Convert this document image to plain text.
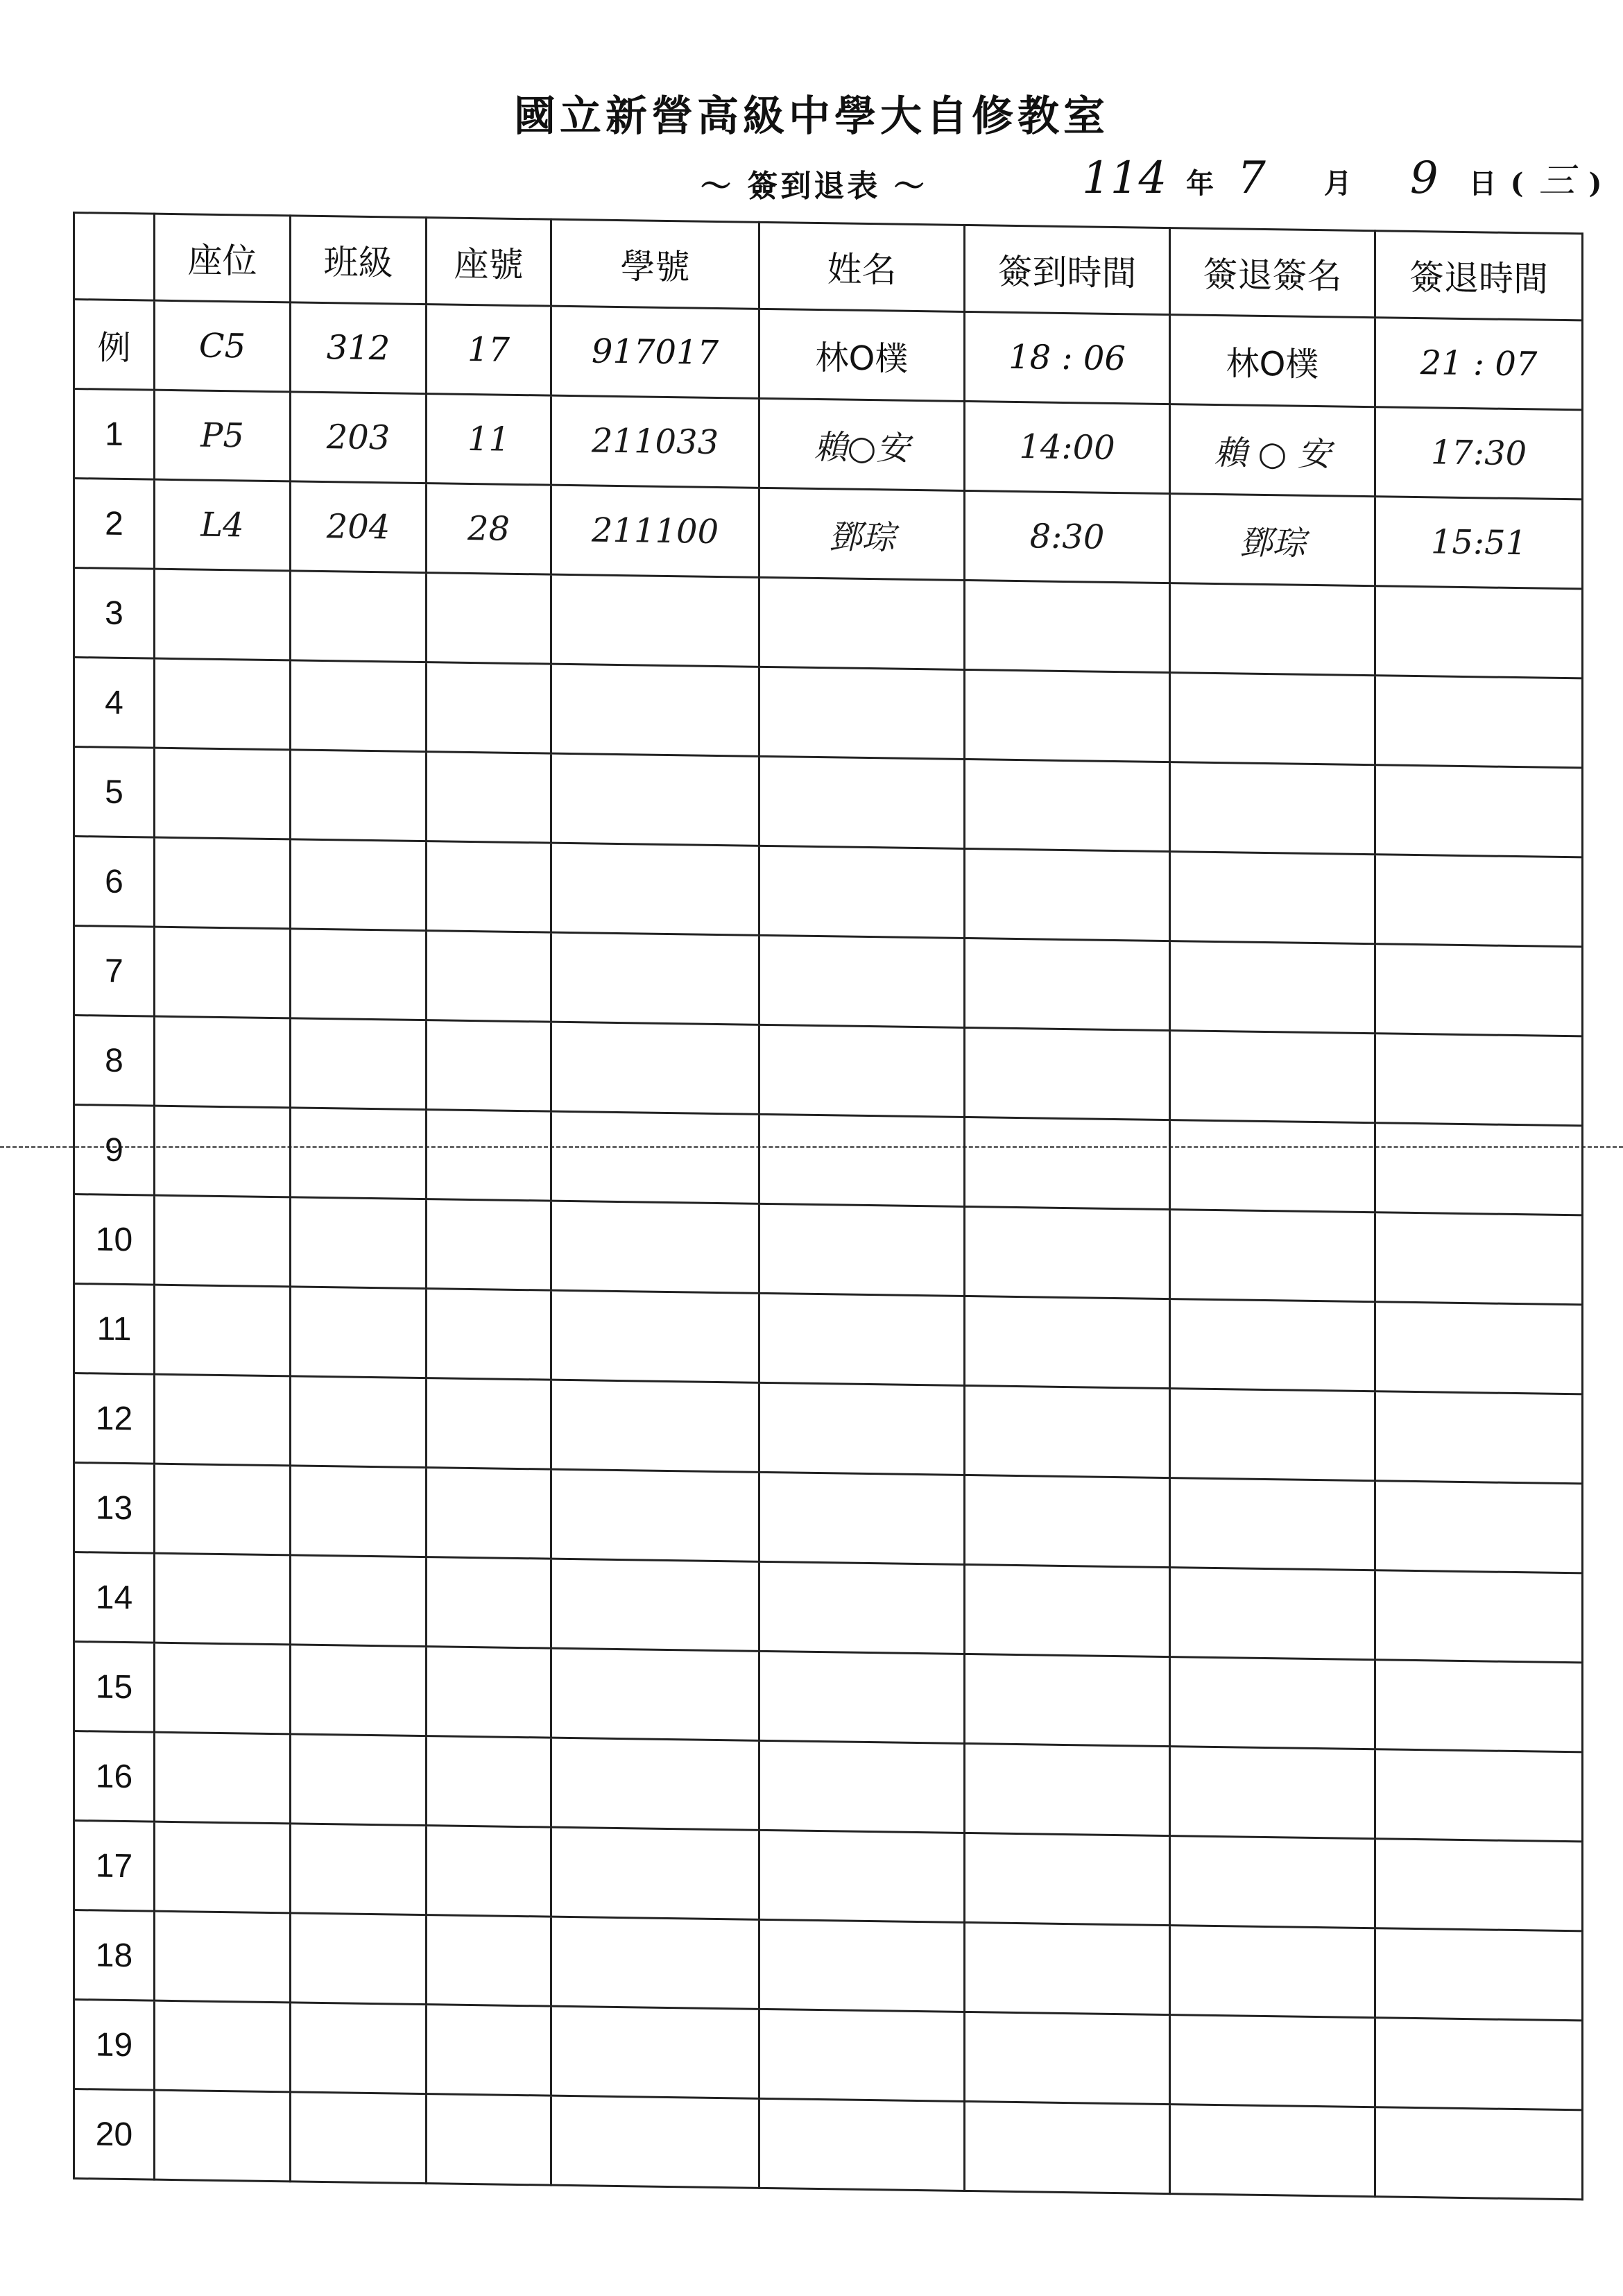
國立新營高級中學大自修教室
～ 簽到退表 ～	114 年 7 月 9 日 ( 三 )
	座位	班級	座號	學號	姓名	簽到時間	簽退簽名	簽退時間
例	C5	312	17	917017	林O樸	18 : 06	林O樸	21 : 07
1	P5	203	11	211033	賴○安	14:00	賴 ○ 安	17:30
2	L4	204	28	211100	鄧琮	8:30	鄧琮	15:51
3								
4								
5								
6								
7								
8								
9								
10								
11								
12								
13								
14								
15								
16								
17								
18								
19								
20								
